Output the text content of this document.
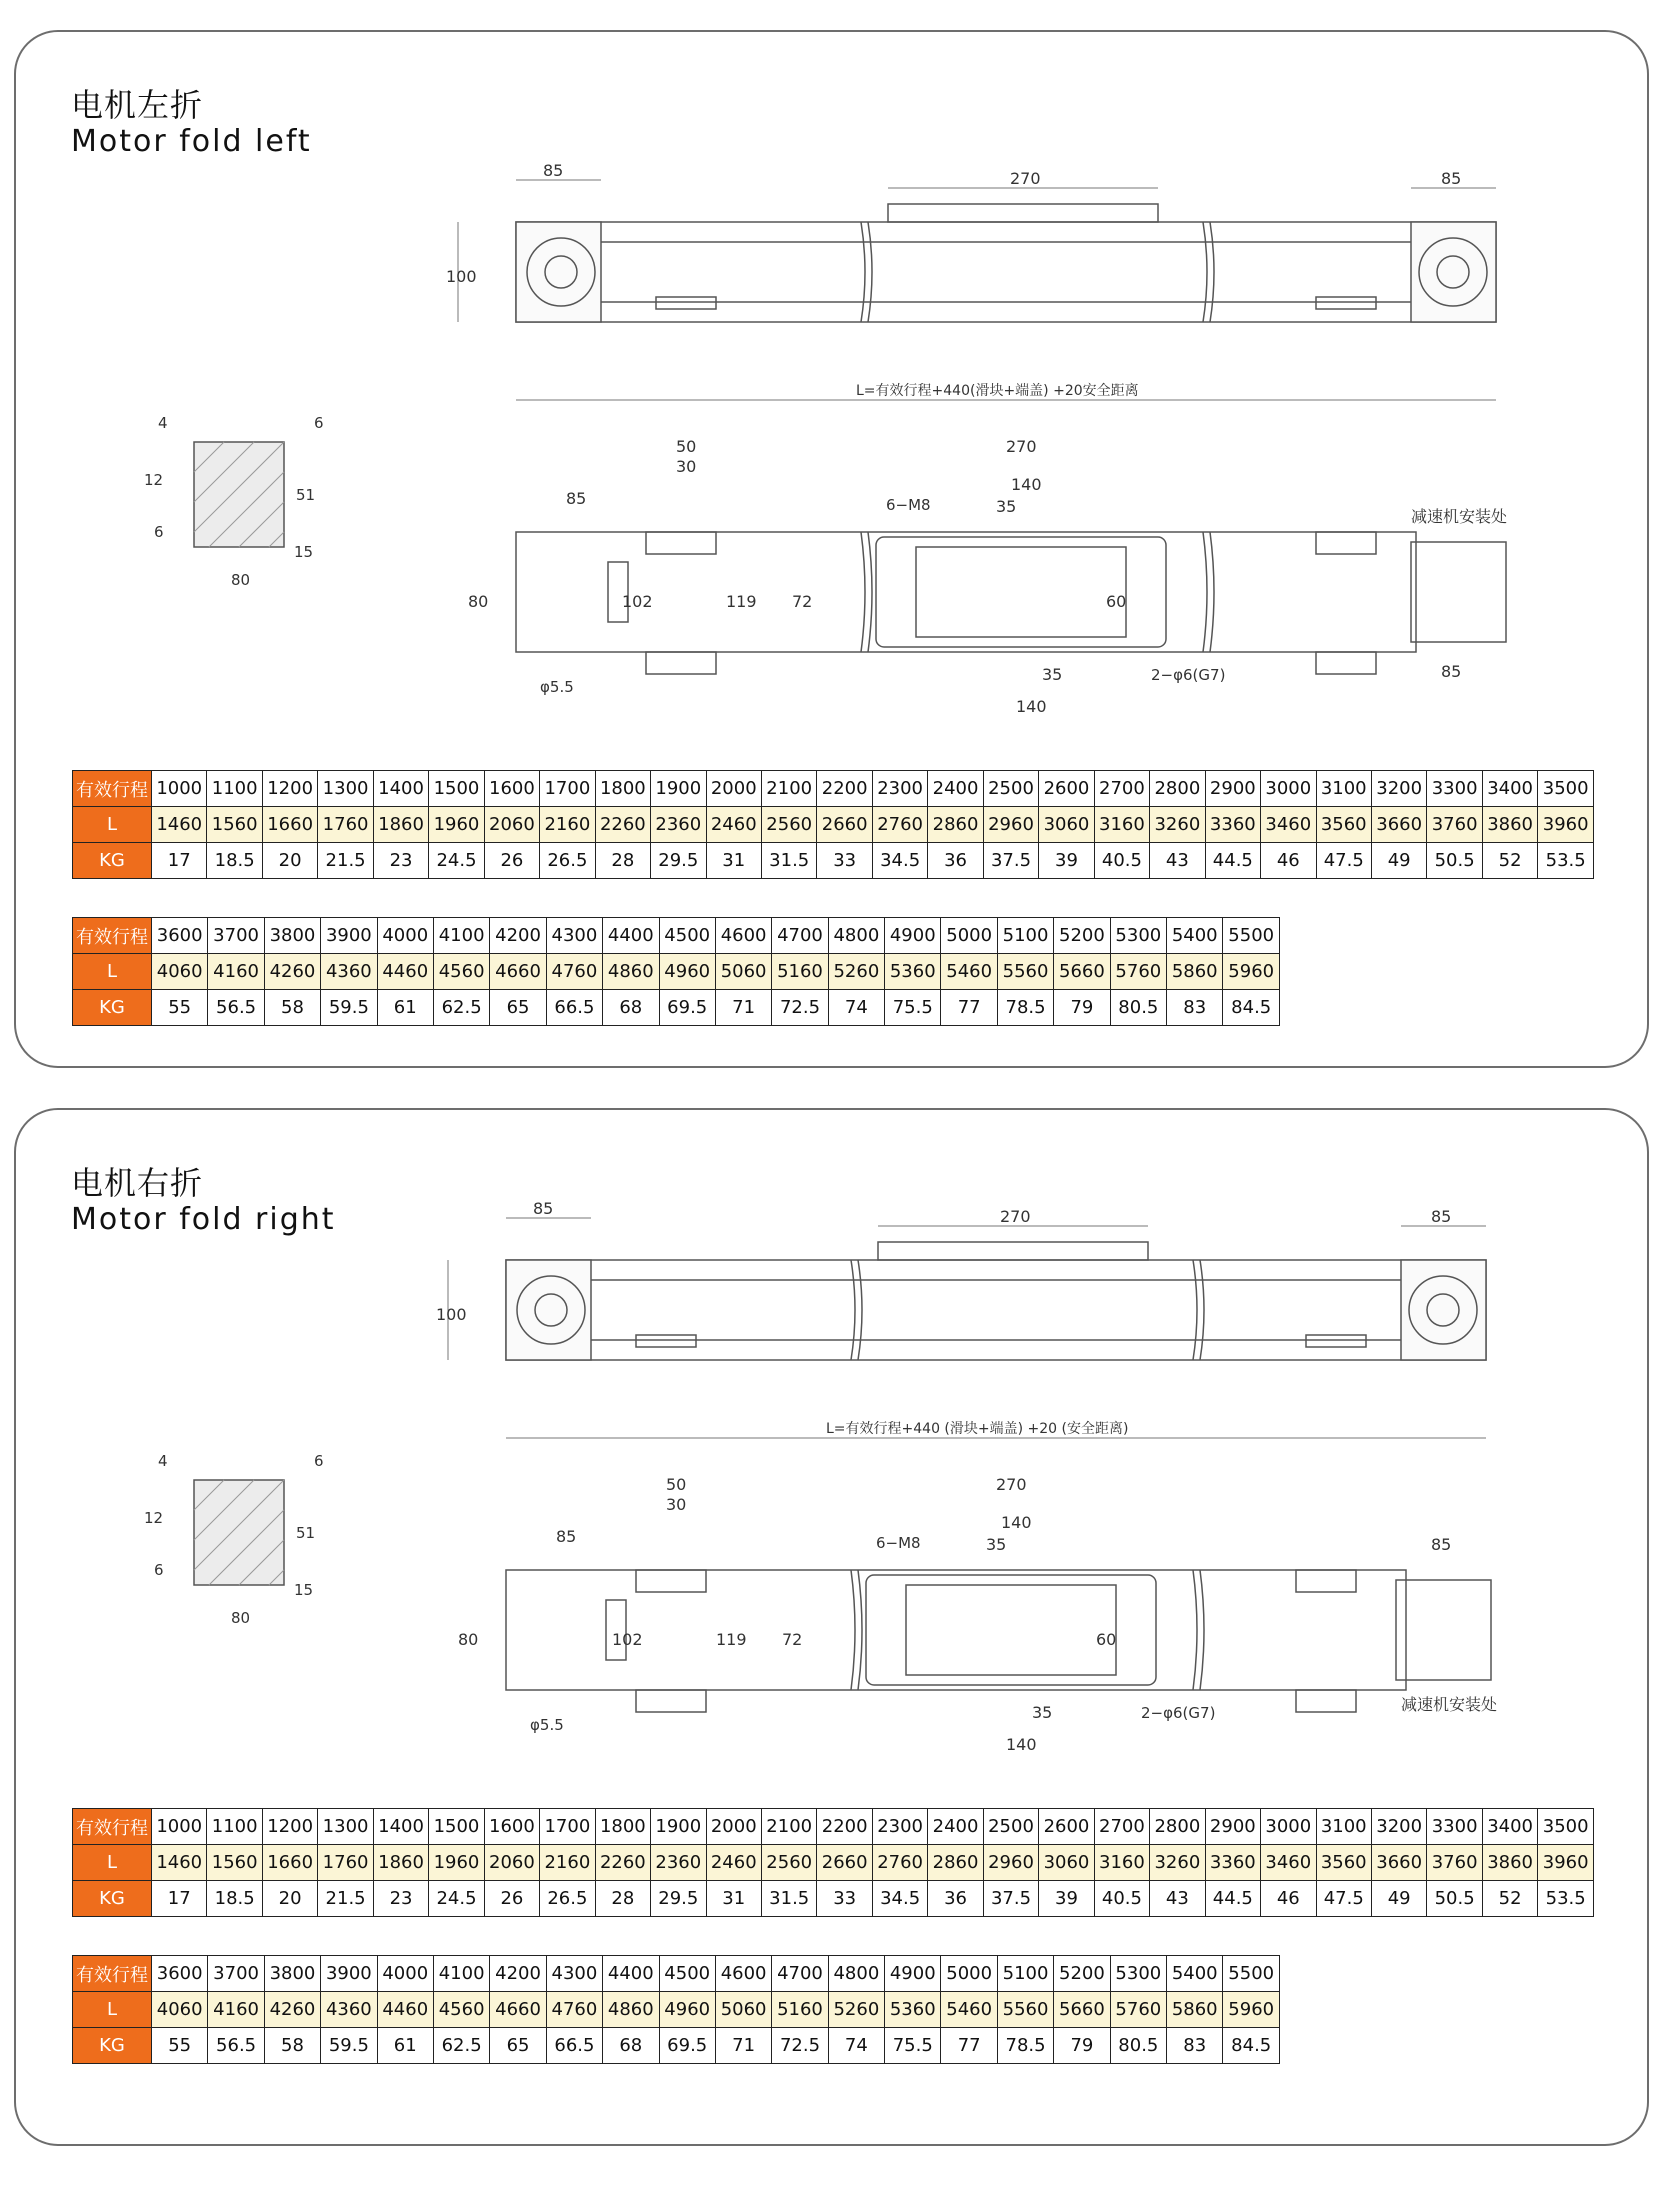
电机左折
Motor fold left
85	270	85
100
L=有效行程+440(滑块+端盖) +20安全距离
4	6
12
6
51
15
80
50
30
85
270
140
6−M8	35
80	102	119 72	60
φ5.5
35	2−φ6(G7)
140
85
减速机安装处
有效行程	1000	1100	1200	1300	1400	1500	1600	1700	1800	1900	2000	2100	2200	2300	2400	2500	2600	2700	2800	2900	3000	3100	3200	3300	3400	3500
L	1460	1560	1660	1760	1860	1960	2060	2160	2260	2360	2460	2560	2660	2760	2860	2960	3060	3160	3260	3360	3460	3560	3660	3760	3860	3960
KG	17	18.5	20	21.5	23	24.5	26	26.5	28	29.5	31	31.5	33	34.5	36	37.5	39	40.5	43	44.5	46	47.5	49	50.5	52	53.5
有效行程	3600	3700	3800	3900	4000	4100	4200	4300	4400	4500	4600	4700	4800	4900	5000	5100	5200	5300	5400	5500
L	4060	4160	4260	4360	4460	4560	4660	4760	4860	4960	5060	5160	5260	5360	5460	5560	5660	5760	5860	5960
KG	55	56.5	58	59.5	61	62.5	65	66.5	68	69.5	71	72.5	74	75.5	77	78.5	79	80.5	83	84.5
电机右折
Motor fold right	85	270	85
100
L=有效行程+440 (滑块+端盖) +20 (安全距离)
4	6
12
6
51
15
80
50
30
85
270
140
6−M8	35
80	102	119 72	60
φ5.5
35	2−φ6(G7)
140
85
减速机安装处
有效行程	1000	1100	1200	1300	1400	1500	1600	1700	1800	1900	2000	2100	2200	2300	2400	2500	2600	2700	2800	2900	3000	3100	3200	3300	3400	3500
L	1460	1560	1660	1760	1860	1960	2060	2160	2260	2360	2460	2560	2660	2760	2860	2960	3060	3160	3260	3360	3460	3560	3660	3760	3860	3960
KG	17	18.5	20	21.5	23	24.5	26	26.5	28	29.5	31	31.5	33	34.5	36	37.5	39	40.5	43	44.5	46	47.5	49	50.5	52	53.5
有效行程	3600	3700	3800	3900	4000	4100	4200	4300	4400	4500	4600	4700	4800	4900	5000	5100	5200	5300	5400	5500
L	4060	4160	4260	4360	4460	4560	4660	4760	4860	4960	5060	5160	5260	5360	5460	5560	5660	5760	5860	5960
KG	55	56.5	58	59.5	61	62.5	65	66.5	68	69.5	71	72.5	74	75.5	77	78.5	79	80.5	83	84.5
